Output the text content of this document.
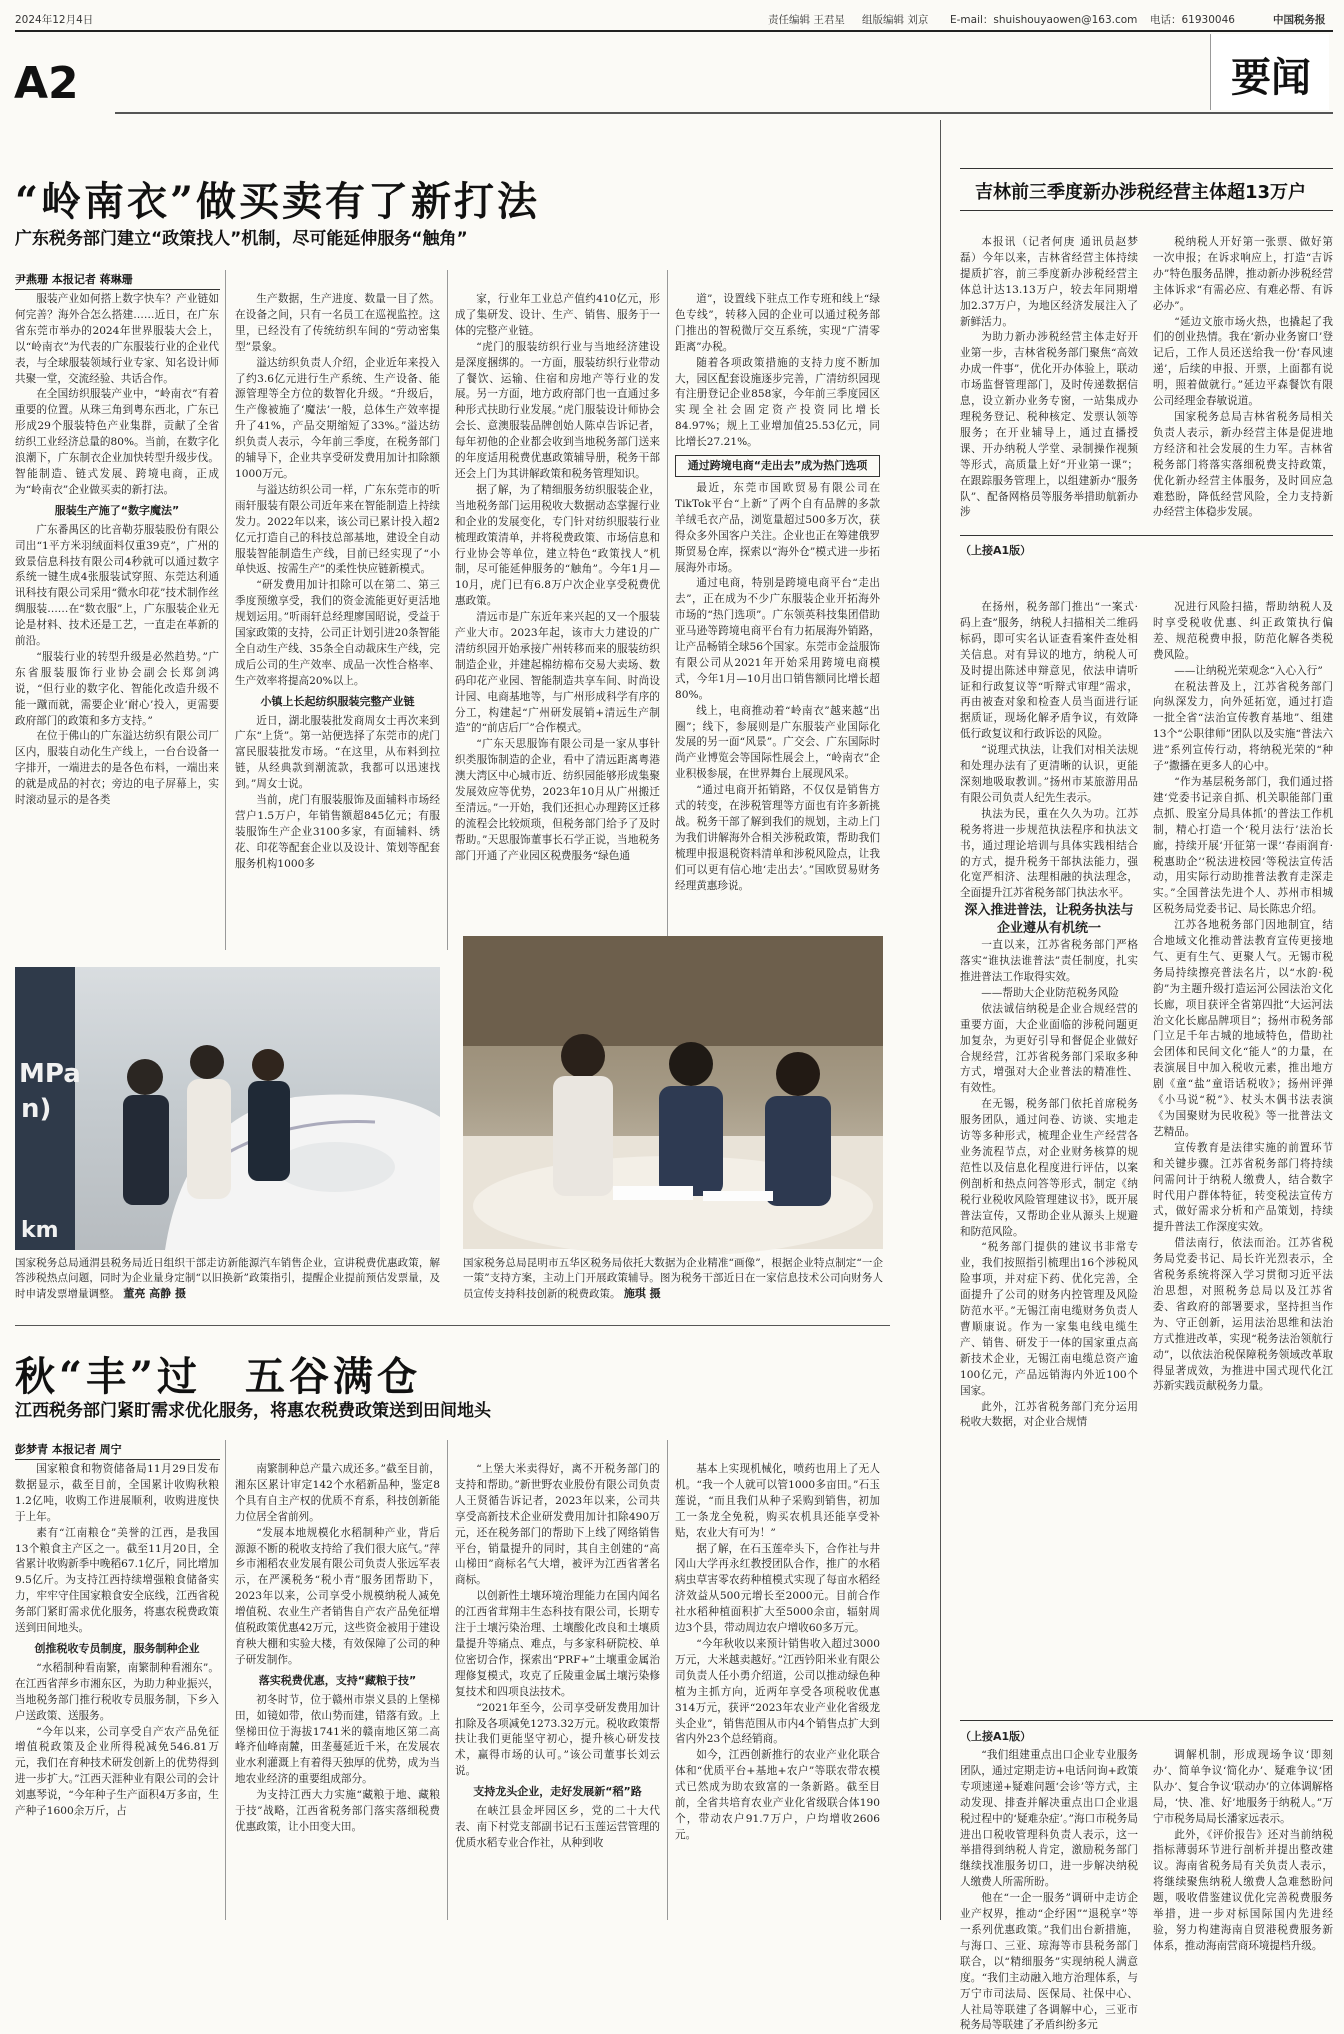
2024年12月4日	责任编辑 王君星 组版编辑 刘京 E-mail：shuishouyaowen@163.com 电话：61930046	中国税务报
A2	要闻
“岭南衣”做买卖有了新打法
广东税务部门建立“政策找人”机制，尽可能延伸服务“触角”
尹燕珊 本报记者 蒋琳珊

服装产业如何搭上数字快车？产业链如何完善？海外合怎么搭建……近日，在广东省东莞市举办的2024年世界服装大会上，以“岭南衣”为代表的广东服装行业的企业代表，与全球服装领域行业专家、知名设计师共聚一堂，交流经验、共话合作。

在全国纺织服装产业中，“岭南衣”有着重要的位置。从珠三角到粤东西北，广东已形成29个服装特色产业集群，贡献了全省纺织工业经济总量的80%。当前，在数字化浪潮下，广东制衣企业加快转型升级步伐。智能制造、链式发展、跨境电商，正成为“岭南衣”企业做买卖的新打法。

服装生产施了“数字魔法”

广东番禺区的比音勒芬服装股份有限公司出“1平方米羽绒面料仅重39克”，广州的致景信息科技有限公司4秒就可以通过数字系统一键生成4张服装试穿照、东莞达利通讯科技有限公司采用“微水印花”技术制作丝绸服装……在“数衣服”上，广东服装企业无论是材料、技术还是工艺，一直走在革新的前沿。

“服装行业的转型升级是必然趋势。”广东省服装服饰行业协会副会长郑剑鸿说，“但行业的数字化、智能化改造升级不能一蹴而就，需要企业‘耐心’投入，更需要政府部门的政策和多方支持。”

在位于佛山的广东溢达纺织有限公司厂区内，服装自动化生产线上，一台台设备一字排开，一端进去的是各色布料，一端出来的就是成品的衬衣；旁边的电子屏幕上，实时滚动显示的是各类

生产数据，生产进度、数量一目了然。在设备之间，只有一名员工在巡视监控。这里，已经没有了传统纺织车间的“劳动密集型”景象。

溢达纺织负责人介绍，企业近年来投入了约3.6亿元进行生产系统、生产设备、能源管理等全方位的数智化升级。“升级后，生产像被施了‘魔法’一般，总体生产效率提升了41%，产品交期缩短了33%。”溢达纺织负责人表示，今年前三季度，在税务部门的辅导下，企业共享受研发费用加计扣除额1000万元。

与溢达纺织公司一样，广东东莞市的听雨轩服装有限公司近年来在智能制造上持续发力。2022年以来，该公司已累计投入超2亿元打造自己的科技总部基地，建设全自动服装智能制造生产线，目前已经实现了“小单快返、按需生产”的柔性快应链新模式。

“研发费用加计扣除可以在第二、第三季度预缴享受，我们的资金流能更好更活地规划运用。”听雨轩总经理廖国昭说，受益于国家政策的支持，公司正计划引进20条智能全自动生产线、35条全自动裁床生产线，完成后公司的生产效率、成品一次性合格率、生产效率将提高20%以上。

小镇上长起纺织服装完整产业链

近日，湖北服装批发商周女士再次来到广东“上货”。第一站便选择了东莞市的虎门富民服装批发市场。“在这里，从布料到拉链，从经典款到潮流款，我都可以迅速找到。”周女士说。

当前，虎门有服装服饰及面辅料市场经营户1.5万户，年销售额超845亿元；有服装服饰生产企业3100多家，有面辅料、绣花、印花等配套企业以及设计、策划等配套服务机构1000多

家，行业年工业总产值约410亿元，形成了集研发、设计、生产、销售、服务于一体的完整产业链。

“虎门的服装纺织行业与当地经济建设是深度捆绑的。一方面，服装纺织行业带动了餐饮、运输、住宿和房地产等行业的发展。另一方面，地方政府部门也一直通过多种形式扶助行业发展。”虎门服装设计师协会会长、意澳服装品牌创始人陈卓告诉记者，每年初他的企业都会收到当地税务部门送来的年度适用税费优惠政策辅导册，税务干部还会上门为其讲解政策和税务管理知识。

据了解，为了精细服务纺织服装企业，当地税务部门运用税收大数据动态掌握行业和企业的发展变化，专门针对纺织服装行业梳理政策清单，并将税费政策、市场信息和行业协会等单位，建立特色“政策找人”机制，尽可能延伸服务的“触角”。今年1月—10月，虎门已有6.8万户次企业享受税费优惠政策。

清远市是广东近年来兴起的又一个服装产业大市。2023年起，该市大力建设的广清纺织园开始承接广州转移而来的服装纺织制造企业，并建起棉纺棉布交易大卖场、数码印花产业园、智能制造共享车间、时尚设计园、电商基地等，与广州形成科学有序的分工，构建起“广州研发展销+清远生产制造”的“前店后厂”合作模式。

“广东天思服饰有限公司是一家从事针织类服饰制造的企业，看中了清远距离粤港澳大湾区中心城市近、纺织园能够形成集聚发展效应等优势，2023年10月从广州搬迁至清远。”一开始，我们还担心办理跨区迁移的流程会比较烦琐，但税务部门给予了及时帮助。”天思服饰董事长石学正说，当地税务部门开通了产业园区税费服务“绿色通

道”，设置线下驻点工作专班和线上“绿色专线”，转移入园的企业可以通过税务部门推出的智税微厅交互系统，实现“广清零距离”办税。

随着各项政策措施的支持力度不断加大，园区配套设施逐步完善，广清纺织园现有注册登记企业858家，今年前三季度园区实现全社会固定资产投资同比增长84.97%；规上工业增加值25.53亿元，同比增长27.21%。

通过跨境电商“走出去”成为热门选项

最近，东莞市国欧贸易有限公司在TikTok平台“上新”了两个自有品牌的多款羊绒毛衣产品，浏览量超过500多万次，获得众多外国客户关注。企业也正在筹建俄罗斯贸易仓库，探索以“海外仓”模式进一步拓展海外市场。

通过电商，特别是跨境电商平台“走出去”，正在成为不少广东服装企业开拓海外市场的“热门选项”。广东领英科技集团借助亚马逊等跨境电商平台有力拓展海外销路，让产品畅销全球56个国家。东莞市金益服饰有限公司从2021年开始采用跨境电商模式，今年1月—10月出口销售额同比增长超80%。

线上，电商推动着“岭南衣”越来越“出圈”；线下，参展则是广东服装产业国际化发展的另一面“风景”。广交会、广东国际时尚产业博览会等国际性展会上，“岭南衣”企业积极参展，在世界舞台上展现风采。

“通过电商开拓销路，不仅仅是销售方式的转变，在涉税管理等方面也有许多新挑战。税务干部了解到我们的规划，主动上门为我们讲解海外合相关涉税政策，帮助我们梳理申报退税资料清单和涉税风险点，让我们可以更有信心地‘走出去’。”国欧贸易财务经理黄惠珍说。

MPa
n)
km
国家税务总局通渭县税务局近日组织干部走访新能源汽车销售企业，宣讲税费优惠政策，解答涉税热点问题，同时为企业量身定制“以旧换新”政策指引，提醒企业提前预估发票量，及时申请发票增量调整。 董亮 高静 摄
国家税务总局昆明市五华区税务局依托大数据为企业精准“画像”，根据企业特点制定“一企一策”支持方案，主动上门开展政策辅导。图为税务干部近日在一家信息技术公司向财务人员宣传支持科技创新的税费政策。 施琪 摄
秋“丰”过　五谷满仓
江西税务部门紧盯需求优化服务，将惠农税费政策送到田间地头
彭梦青 本报记者 周宁

国家粮食和物资储备局11月29日发布数据显示，截至目前，全国累计收购秋粮1.2亿吨，收购工作进展顺利，收购进度快于上年。

素有“江南粮仓”美誉的江西，是我国13个粮食主产区之一。截至11月20日，全省累计收购新季中晚稻67.1亿斤，同比增加9.5亿斤。为支持江西持续增强粮食储备实力，牢牢守住国家粮食安全底线，江西省税务部门紧盯需求优化服务，将惠农税费政策送到田间地头。

创推税收专员制度，服务制种企业

“水稻制种看南繁，南繁制种看湘东”。在江西省萍乡市湘东区，为助力种业振兴，当地税务部门推行税收专员服务制，下乡入户送政策、送服务。

“今年以来，公司享受自产农产品免征增值税政策及企业所得税减免546.81万元，我们在育种技术研发创新上的优势得到进一步扩大。”江西天涯种业有限公司的会计刘惠琴说，“今年种子生产面积4万多亩，生产种子1600余万斤，占

南繁制种总产量六成还多。”截至目前，湘东区累计审定142个水稻新品种，鉴定8个具有自主产权的优质不育系，科技创新能力位居全省前列。

“发展本地规模化水稻制种产业，背后源源不断的税收支持给了我们很大底气。”萍乡市湘稻农业发展有限公司负责人张远军表示，在严溪税务“税小青”服务团帮助下，2023年以来，公司享受小规模纳税人减免增值税、农业生产者销售自产农产品免征增值税政策优惠42万元，这些资金被用于建设育秧大棚和实验大楼，有效保障了公司的种子研发制作。

落实税费优惠，支持“藏粮于技”

初冬时节，位于赣州市崇义县的上堡梯田，如镜如带，依山势而建，错落有致。上堡梯田位于海拔1741米的赣南地区第二高峰齐仙峰南麓，田垄蔓延近千米，在发展农业水利灌溉上有着得天独厚的优势，成为当地农业经济的重要组成部分。

为支持江西大力实施“藏粮于地、藏粮于技”战略，江西省税务部门落实落细税费优惠政策，让小田变大田。

“上堡大米卖得好，离不开税务部门的支持和帮助。”新世野农业股份有限公司负责人王贤循告诉记者，2023年以来，公司共享受高新技术企业研发费用加计扣除490万元，还在税务部门的帮助下上线了网络销售平台，销量提升的同时，其自主创建的“高山梯田”商标名气大增，被评为江西省著名商标。

以创新性土壤环境治理能力在国内闻名的江西省茸翔丰生态科技有限公司，长期专注于土壤污染治理、土壤酸化改良和土壤质量提升等痛点、难点，与多家科研院校、单位密切合作，探索出“PRF+”土壤重金属治理修复模式，攻克了丘陵重金属土壤污染修复技术和四项良法技术。

“2021年至今，公司享受研发费用加计扣除及各项减免1273.32万元。税收政策帮扶让我们更能坚守初心，提升核心研发技术，赢得市场的认可。”该公司董事长刘云说。

支持龙头企业，走好发展新“稻”路

在峡江县金坪园区乡，党的二十大代表、南下村党支部副书记石玉莲运营管理的优质水稻专业合作社，从种到收

基本上实现机械化，喷药也用上了无人机。“我一个人就可以管1000多亩田。”石玉莲说，“而且我们从种子采购到销售，初加工一条龙全免税，购买农机具还能享受补贴，农业大有可为！”

据了解，在石玉莲牵头下，合作社与井冈山大学再永红教授团队合作，推广的水稻病虫草害零农药种植模式实现了每亩水稻经济效益从500元增长至2000元。目前合作社水稻种植面积扩大至5000余亩，辐射周边3个县，带动周边农户增收60多万元。

“今年秋收以来预计销售收入超过3000万元，大米越卖越好。”江西钤阳米业有限公司负责人任小勇介绍道，公司以推动绿色种植为主抓方向，近两年享受各项税收优惠314万元，获评“2023年农业产业化省级龙头企业”，销售范围从市内4个销售点扩大到省内外23个总经销商。

如今，江西创新推行的农业产业化联合体和“优质平台+基地+农户”等联农带农模式已然成为助农致富的一条新路。截至目前，全省共培育农业产业化省级联合体190个，带动农户91.7万户，户均增收2606元。

吉林前三季度新办涉税经营主体超13万户

本报讯（记者何庚 通讯员赵梦磊）今年以来，吉林省经营主体持续提质扩容，前三季度新办涉税经营主体总计达13.13万户，较去年同期增加2.37万户，为地区经济发展注入了新鲜活力。

为助力新办涉税经营主体走好开业第一步，吉林省税务部门聚焦“高效办成一件事”，优化开办体验上，联动市场监督管理部门，及时传递数据信息，设立新办业务专窗，一站集成办理税务登记、税种核定、发票认领等服务；在开业辅导上，通过直播授课、开办纳税人学堂、录制操作视频等形式，高质量上好“开业第一课”；在跟踪服务管理上，以组建新办“服务队”、配备网格员等服务举措助航新办涉

税纳税人开好第一张票、做好第一次申报；在诉求响应上，打造“吉诉办”特色服务品牌，推动新办涉税经营主体诉求“有需必应、有难必帮、有诉必办”。

“延边文旅市场火热，也撬起了我们的创业热情。我在‘新办业务窗口’登记后，工作人员还送给我一份‘春风速递’，后续的申报、开票，上面都有说明，照着做就行。”延边平森餐饮有限公司经理金春敏说道。

国家税务总局吉林省税务局相关负责人表示，新办经营主体是促进地方经济和社会发展的生力军。吉林省税务部门将落实落细税费支持政策，优化新办经营主体服务，及时回应急难愁盼，降低经营风险，全力支持新办经营主体稳步发展。

（上接A1版）

在扬州，税务部门推出“一案式·码上查”服务，纳税人扫描相关二维码标码，即可实名认证查看案件查处相关信息。对有异议的地方，纳税人可及时提出陈述申辩意见，依法申请听证和行政复议等“听辩式审理”需求，再由被查对象和检查人员当面进行证据质证，现场化解矛盾争议，有效降低行政复议和行政诉讼的风险。

“说理式执法，让我们对相关法规和处理办法有了更清晰的认识，更能深刻地吸取教训。”扬州市某旅游用品有限公司负责人纪先生表示。

执法为民，重在久久为功。江苏税务将进一步规范执法程序和执法文书，通过理论培训与具体实践相结合的方式，提升税务干部执法能力，强化宽严相济、法理相融的执法理念，全面提升江苏省税务部门执法水平。

深入推进普法，让税务执法与企业遵从有机统一

一直以来，江苏省税务部门严格落实“谁执法谁普法”责任制度，扎实推进普法工作取得实效。

——帮助大企业防范税务风险

依法诚信纳税是企业合规经营的重要方面，大企业面临的涉税问题更加复杂，为更好引导和督促企业做好合规经营，江苏省税务部门采取多种方式，增强对大企业普法的精准性、有效性。

在无锡，税务部门依托首席税务服务团队，通过问卷、访谈、实地走访等多种形式，梳理企业生产经营各业务流程节点，对企业财务核算的规范性以及信息化程度进行评估，以案例剖析和热点问答等形式，制定《纳税行业税收风险管理建议书》，既开展普法宣传，又帮助企业从源头上规避和防范风险。

“税务部门提供的建议书非常专业，我们按照指引梳理出16个涉税风险事项，并对症下药、优化完善，全面提升了公司的财务内控管理及风险防范水平。”无锡江南电缆财务负责人曹顺康说。作为一家集电线电缆生产、销售、研发于一体的国家重点高新技术企业，无锡江南电缆总资产逾100亿元，产品远销海内外近100个国家。

此外，江苏省税务部门充分运用税收大数据，对企业合规情

况进行风险扫描，帮助纳税人及时享受税收优惠、纠正政策执行偏差、规范税费申报，防范化解各类税费风险。

——让纳税光荣观念“入心入行”

在税法普及上，江苏省税务部门向纵深发力，向外延拓宽，通过打造一批全省“法治宣传教育基地”、组建13个“公职律师”团队以及实施“普法六进”系列宣传行动，将纳税光荣的“种子”撒播在更多人的心中。

“作为基层税务部门，我们通过搭建‘党委书记亲自抓、机关职能部门重点抓、股室分局具体抓’的普法工作机制，精心打造一个‘税月法行’法治长廊，持续开展‘开征第一课’‘春雨润育·税惠助企’‘税法进校园’等税法宣传活动，用实际行动助推普法教育走深走实。”全国普法先进个人、苏州市相城区税务局党委书记、局长陈忠介绍。

江苏各地税务部门因地制宜，结合地域文化推动普法教育宣传更接地气、更有生气、更聚人气。无锡市税务局持续擦亮普法名片，以“水韵·税韵”为主题升级打造运河公园法治文化长廊，项目获评全省第四批“大运河法治文化长廊品牌项目”；扬州市税务部门立足千年古城的地域特色，借助社会团体和民间文化“能人”的力量，在表演展目中加入税收元素，推出地方剧《童“盐”童语话税收》；扬州评弹《小马说“税”》、杖头木偶书法表演《为国聚财为民收税》等一批普法文艺精品。

宣传教育是法律实施的前置环节和关键步骤。江苏省税务部门将持续问需问计于纳税人缴费人，结合数字时代用户群体特征，转变税法宣传方式，做好需求分析和产品策划，持续提升普法工作深度实效。

借法南行，依法而治。江苏省税务局党委书记、局长许光烈表示，全省税务系统将深入学习贯彻习近平法治思想，对照税务总局以及江苏省委、省政府的部署要求，坚持担当作为、守正创新，运用法治思维和法治方式推进改革，实现“税务法治领航行动”，以依法治税保障税务领域改革取得显著成效，为推进中国式现代化江苏新实践贡献税务力量。

（上接A1版）

“我们组建重点出口企业专业服务团队，通过定期走访+电话问询+政策专项速递+疑难问题‘会诊’等方式，主动发现、排查并解决重点出口企业退税过程中的‘疑难杂症’。”海口市税务局进出口税收管理科负责人表示，这一举措得到纳税人肯定，激励税务部门继续找准服务切口，进一步解决纳税人缴费人所需所盼。

他在“一企一服务”调研中走访企业产权界，推动“企纾困”“退税享”等一系列优惠政策。”我们出台新措施，与海口、三亚、琼海等市县税务部门联合，以“精细服务”实现纳税人满意度。“我们主动融入地方治理体系，与万宁市司法局、医保局、社保中心、人社局等联建了各调解中心，三亚市税务局等联建了矛盾纠纷多元

调解机制，形成现场争议‘即刻办’、简单争议‘简化办’、疑难争议‘团队办’、复合争议‘联动办’的立体调解格局，‘快、准、好’地服务于纳税人。”万宁市税务局局长潘家远表示。

此外，《评价报告》还对当前纳税指标薄弱环节进行剖析并提出整改建议。海南省税务局有关负责人表示，将继续聚焦纳税人缴费人急难愁盼问题，吸收借鉴建议优化完善税费服务举措，进一步对标国际国内先进经验，努力构建海南自贸港税费服务新体系，推动海南营商环境提档升级。
